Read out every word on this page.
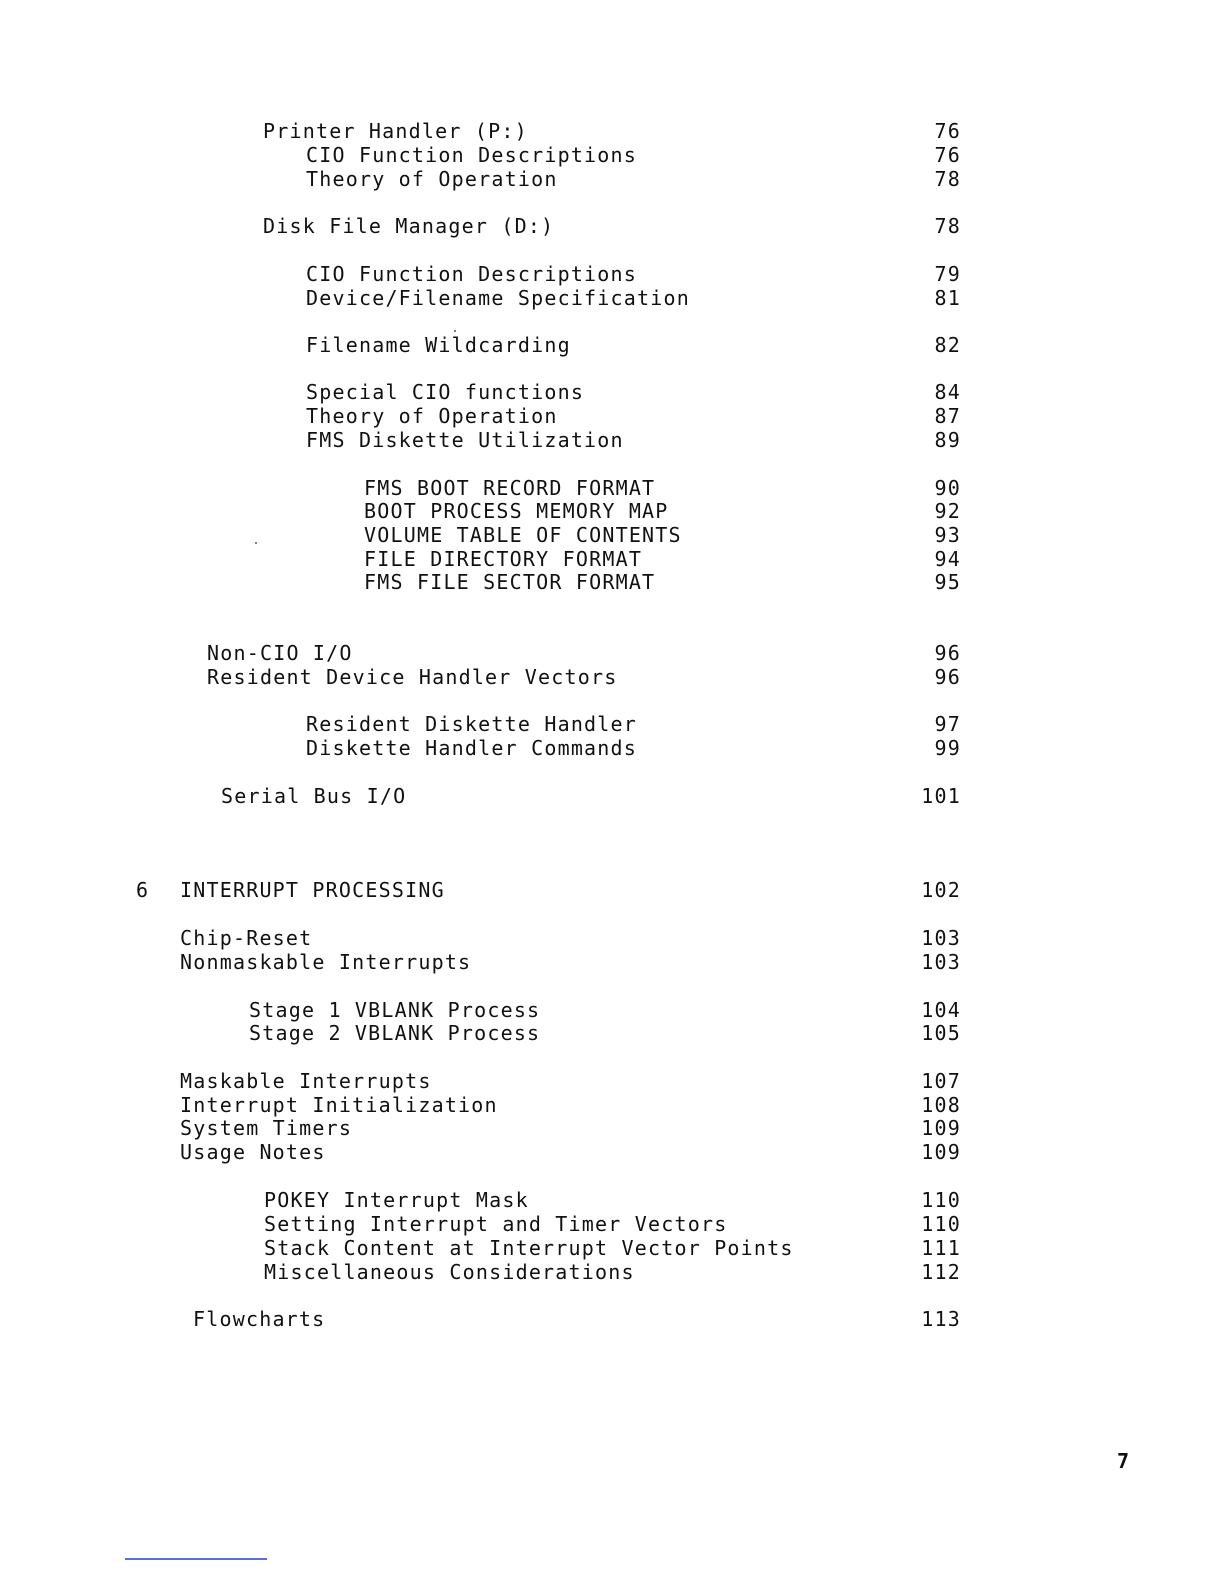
Printer Handler (P:)	76
CIO Function Descriptions	76
Theory of Operation	78
Disk File Manager (D:)	78
CIO Function Descriptions	79
Device/Filename Specification	81
Filename Wildcarding	82
Special CIO functions	84
Theory of Operation	87
FMS Diskette Utilization	89
FMS BOOT RECORD FORMAT	90
BOOT PROCESS MEMORY MAP	92
VOLUME TABLE OF CONTENTS	93
FILE DIRECTORY FORMAT	94
FMS FILE SECTOR FORMAT	95
Non-CIO I/O	96
Resident Device Handler Vectors	96
Resident Diskette Handler	97
Diskette Handler Commands	99
Serial Bus I/O	101
6 INTERRUPT PROCESSING	102
Chip-Reset	103
Nonmaskable Interrupts	103
Stage 1 VBLANK Process	104
Stage 2 VBLANK Process	105
Maskable Interrupts	107
Interrupt Initialization	108
System Timers	109
Usage Notes	109
POKEY Interrupt Mask	110
Setting Interrupt and Timer Vectors	110
Stack Content at Interrupt Vector Points	111
Miscellaneous Considerations	112
Flowcharts	113
7
